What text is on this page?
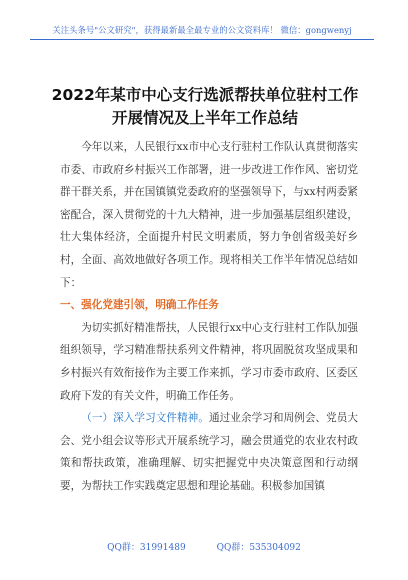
关注头条号"公文研究"，获得最新最全最专业的公文资料库！ 微信：gongwenyj
2022年某市中心支行选派帮扶单位驻村工作
开展情况及上半年工作总结

今年以来，人民银行xx市中心支行驻村工作队认真贯彻落实市委、市政府乡村振兴工作部署，进一步改进工作作风、密切党群干群关系，并在国镇镇党委政府的坚强领导下，与xx村两委紧密配合，深入贯彻党的十九大精神，进一步加强基层组织建设，壮大集体经济，全面提升村民文明素质，努力争创省级美好乡村，全面、高效地做好各项工作。现将相关工作半年情况总结如下：

一、强化党建引领，明确工作任务

为切实抓好精准帮扶，人民银行xx中心支行驻村工作队加强组织领导，学习精准帮扶系列文件精神，将巩固脱贫攻坚成果和乡村振兴有效衔接作为主要工作来抓，学习市委市政府、区委区政府下发的有关文件，明确工作任务。

（一）深入学习文件精神。通过业余学习和周例会、党员大会、党小组会议等形式开展系统学习，融会贯通党的农业农村政策和帮扶政策，准确理解、切实把握党中央决策意图和行动纲要，为帮扶工作实践奠定思想和理论基础。积极参加国镇

QQ群：31991489	QQ群：535304092
